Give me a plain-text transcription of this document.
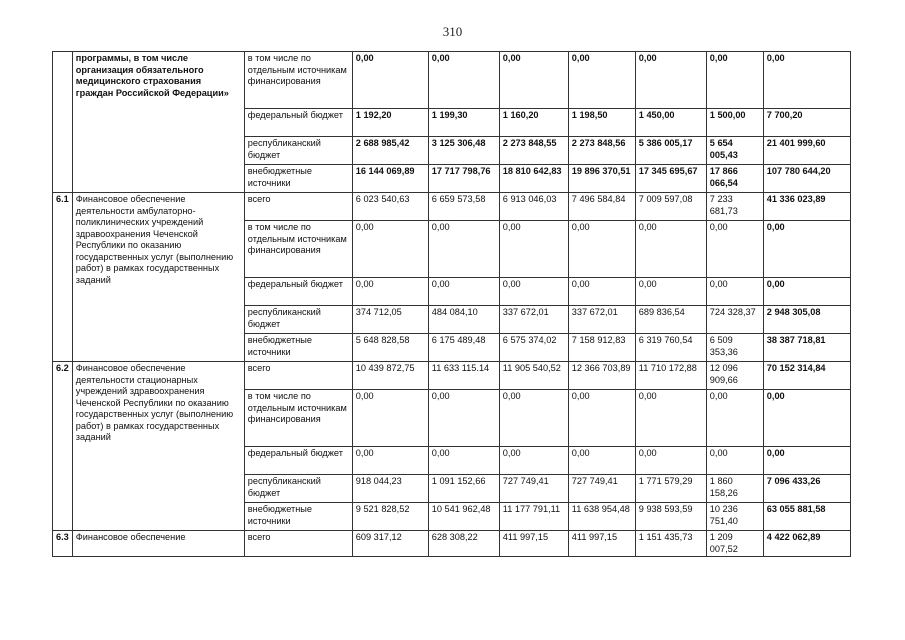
310
	программы, в том числе организация обязательного медицинского страхования граждан Российской Федерации»	в том числе по отдельным источникам финансирования	0,00	0,00	0,00	0,00	0,00	0,00	0,00
		федеральный бюджет	1 192,20	1 199,30	1 160,20	1 198,50	1 450,00	1 500,00	7 700,20
		республиканский бюджет	2 688 985,42	3 125 306,48	2 273 848,55	2 273 848,56	5 386 005,17	5 654 005,43	21 401 999,60
		внебюджетные источники	16 144 069,89	17 717 798,76	18 810 642,83	19 896 370,51	17 345 695,67	17 866 066,54	107 780 644,20
6.1	Финансовое обеспечение деятельности амбулаторно-поликлинических учреждений здравоохранения Чеченской Республики по оказанию государственных услуг (выполнению работ) в рамках государственных заданий	всего	6 023 540,63	6 659 573,58	6 913 046,03	7 496 584,84	7 009 597,08	7 233 681,73	41 336 023,89
		в том числе по отдельным источникам финансирования	0,00	0,00	0,00	0,00	0,00	0,00	0,00
		федеральный бюджет	0,00	0,00	0,00	0,00	0,00	0,00	0,00
		республиканский бюджет	374 712,05	484 084,10	337 672,01	337 672,01	689 836,54	724 328,37	2 948 305,08
		внебюджетные источники	5 648 828,58	6 175 489,48	6 575 374,02	7 158 912,83	6 319 760,54	6 509 353,36	38 387 718,81
6.2	Финансовое обеспечение деятельности стационарных учреждений здравоохранения Чеченской Республики по оказанию государственных услуг (выполнению работ) в рамках государственных заданий	всего	10 439 872,75	11 633 115.14	11 905 540,52	12 366 703,89	11 710 172,88	12 096 909,66	70 152 314,84
		в том числе по отдельным источникам финансирования	0,00	0,00	0,00	0,00	0,00	0,00	0,00
		федеральный бюджет	0,00	0,00	0,00	0,00	0,00	0,00	0,00
		республиканский бюджет	918 044,23	1 091 152,66	727 749,41	727 749,41	1 771 579,29	1 860 158,26	7 096 433,26
		внебюджетные источники	9 521 828,52	10 541 962,48	11 177 791,11	11 638 954,48	9 938 593,59	10 236 751,40	63 055 881,58
6.3	Финансовое обеспечение	всего	609 317,12	628 308,22	411 997,15	411 997,15	1 151 435,73	1 209 007,52	4 422 062,89
